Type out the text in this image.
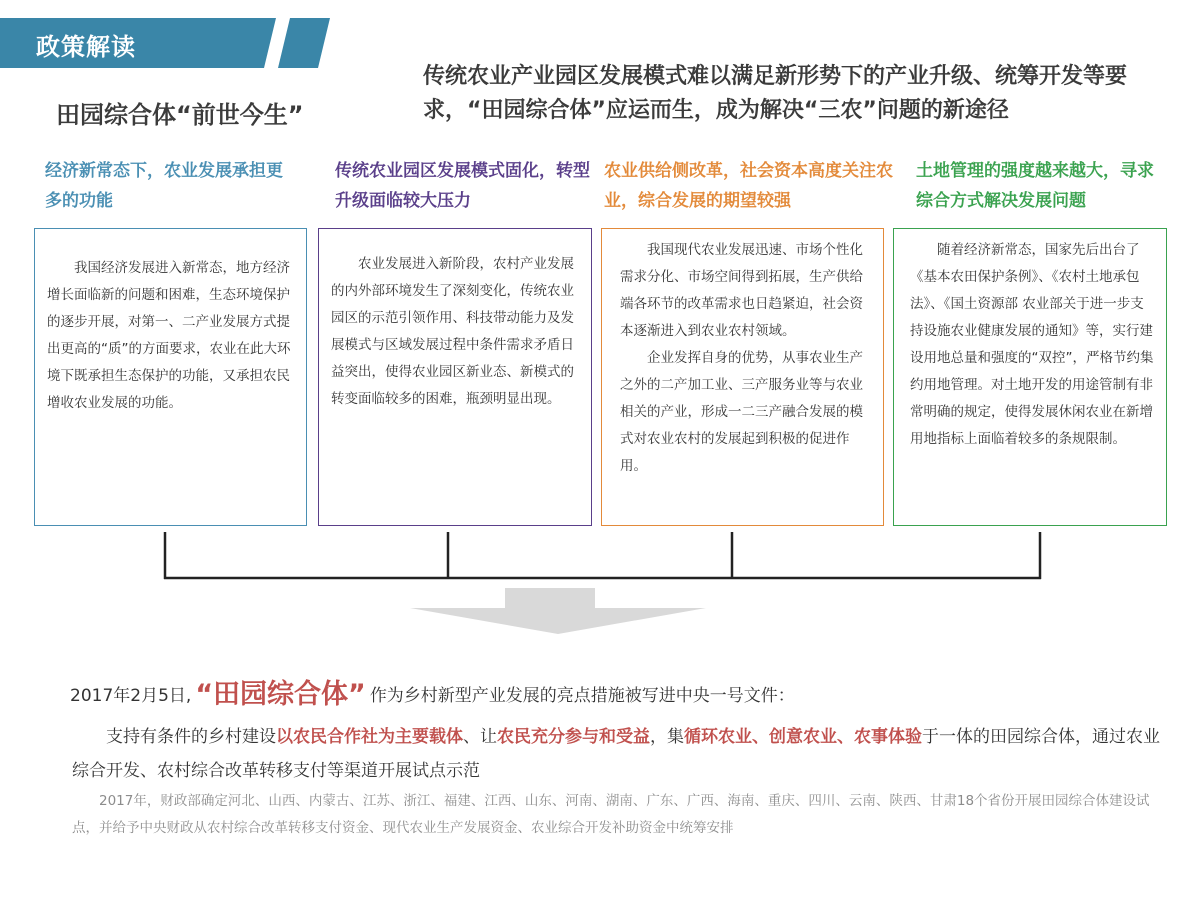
政策解读
田园综合体“前世今生”
传统农业产业园区发展模式难以满足新形势下的产业升级、统筹开发等要求，“田园综合体”应运而生，成为解决“三农”问题的新途径
经济新常态下，农业发展承担更多的功能
传统农业园区发展模式固化，转型升级面临较大压力
农业供给侧改革，社会资本高度关注农业，综合发展的期望较强
土地管理的强度越来越大，寻求综合方式解决发展问题

我国经济发展进入新常态，地方经济增长面临新的问题和困难，生态环境保护的逐步开展，对第一、二产业发展方式提出更高的“质”的方面要求，农业在此大环境下既承担生态保护的功能，又承担农民增收农业发展的功能。

农业发展进入新阶段，农村产业发展的内外部环境发生了深刻变化，传统农业园区的示范引领作用、科技带动能力及发展模式与区域发展过程中条件需求矛盾日益突出，使得农业园区新业态、新模式的转变面临较多的困难，瓶颈明显出现。

我国现代农业发展迅速、市场个性化需求分化、市场空间得到拓展，生产供给端各环节的改革需求也日趋紧迫，社会资本逐渐进入到农业农村领域。

企业发挥自身的优势，从事农业生产之外的二产加工业、三产服务业等与农业相关的产业，形成一二三产融合发展的模式对农业农村的发展起到积极的促进作用。

随着经济新常态，国家先后出台了《基本农田保护条例》、《农村土地承包法》、《国土资源部 农业部关于进一步支持设施农业健康发展的通知》等，实行建设用地总量和强度的“双控”，严格节约集约用地管理。对土地开发的用途管制有非常明确的规定，使得发展休闲农业在新增用地指标上面临着较多的条规限制。

2017年2月5日, “田园综合体” 作为乡村新型产业发展的亮点措施被写进中央一号文件：
支持有条件的乡村建设以农民合作社为主要载体、让农民充分参与和受益，集循环农业、创意农业、农事体验于一体的田园综合体，通过农业综合开发、农村综合改革转移支付等渠道开展试点示范
2017年，财政部确定河北、山西、内蒙古、江苏、浙江、福建、江西、山东、河南、湖南、广东、广西、海南、重庆、四川、云南、陕西、甘肃18个省份开展田园综合体建设试点，并给予中央财政从农村综合改革转移支付资金、现代农业生产发展资金、农业综合开发补助资金中统筹安排
